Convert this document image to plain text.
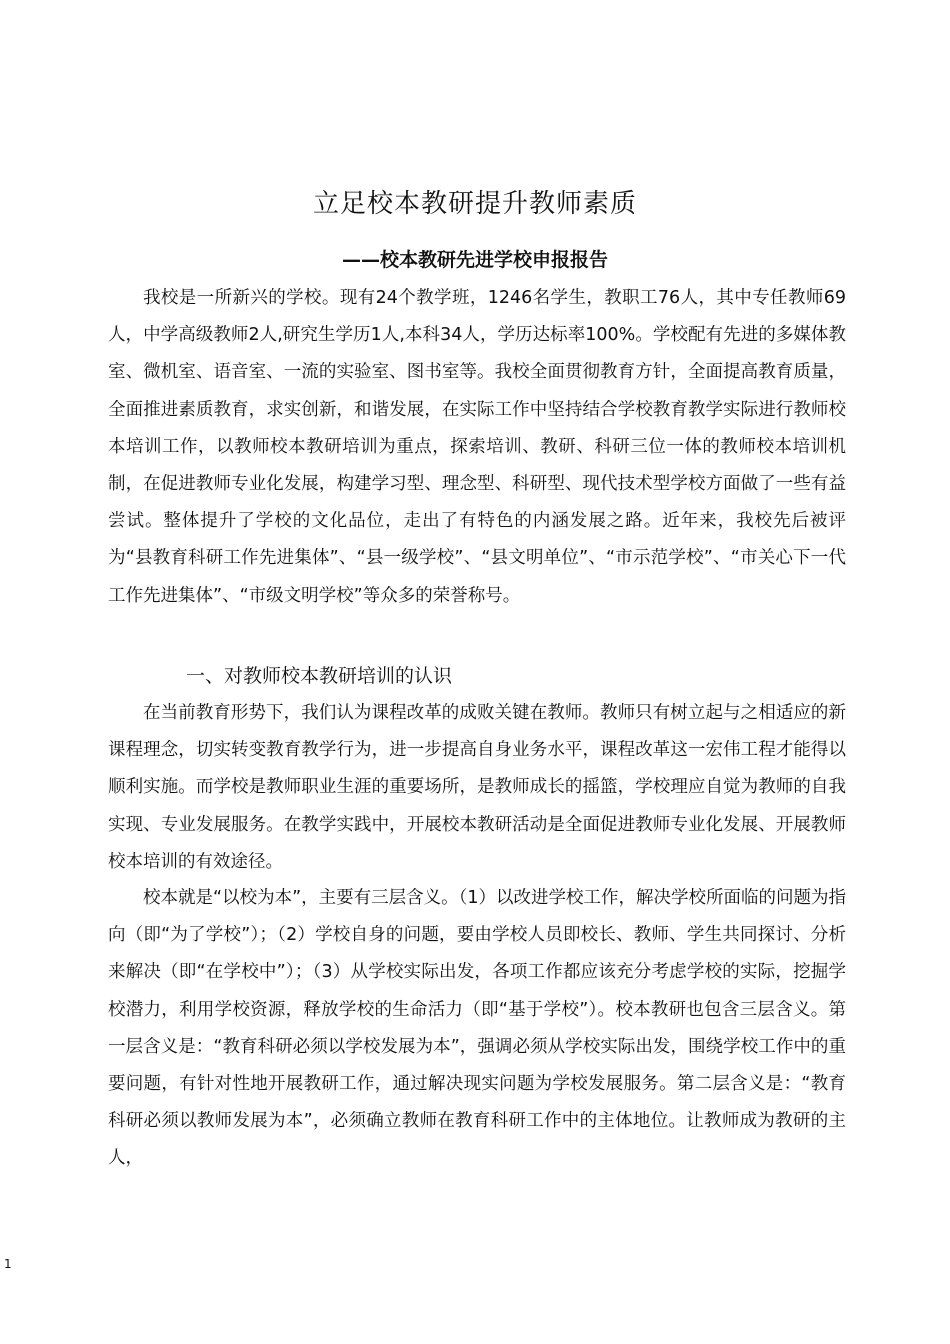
立足校本教研提升教师素质
——校本教研先进学校申报报告

我校是一所新兴的学校。现有24个教学班，1246名学生，教职工76人，其中专任教师69人，中学高级教师2人,研究生学历1人,本科34人，学历达标率100%。学校配有先进的多媒体教室、微机室、语音室、一流的实验室、图书室等。我校全面贯彻教育方针，全面提高教育质量，全面推进素质教育，求实创新，和谐发展，在实际工作中坚持结合学校教育教学实际进行教师校本培训工作，以教师校本教研培训为重点，探索培训、教研、科研三位一体的教师校本培训机制，在促进教师专业化发展，构建学习型、理念型、科研型、现代技术型学校方面做了一些有益尝试。整体提升了学校的文化品位，走出了有特色的内涵发展之路。近年来，我校先后被评为“县教育科研工作先进集体”、“县一级学校”、“县文明单位”、“市示范学校”、“市关心下一代工作先进集体”、“市级文明学校”等众多的荣誉称号。

一、对教师校本教研培训的认识

在当前教育形势下，我们认为课程改革的成败关键在教师。教师只有树立起与之相适应的新课程理念，切实转变教育教学行为，进一步提高自身业务水平，课程改革这一宏伟工程才能得以顺利实施。而学校是教师职业生涯的重要场所，是教师成长的摇篮，学校理应自觉为教师的自我实现、专业发展服务。在教学实践中，开展校本教研活动是全面促进教师专业化发展、开展教师校本培训的有效途径。

校本就是“以校为本”，主要有三层含义。（1）以改进学校工作，解决学校所面临的问题为指向（即“为了学校”）；（2）学校自身的问题，要由学校人员即校长、教师、学生共同探讨、分析来解决（即“在学校中”）；（3）从学校实际出发，各项工作都应该充分考虑学校的实际，挖掘学校潜力，利用学校资源，释放学校的生命活力（即“基于学校”）。校本教研也包含三层含义。第一层含义是：“教育科研必须以学校发展为本”，强调必须从学校实际出发，围绕学校工作中的重要问题，有针对性地开展教研工作，通过解决现实问题为学校发展服务。第二层含义是：“教育科研必须以教师发展为本”，必须确立教师在教育科研工作中的主体地位。让教师成为教研的主人，

1
